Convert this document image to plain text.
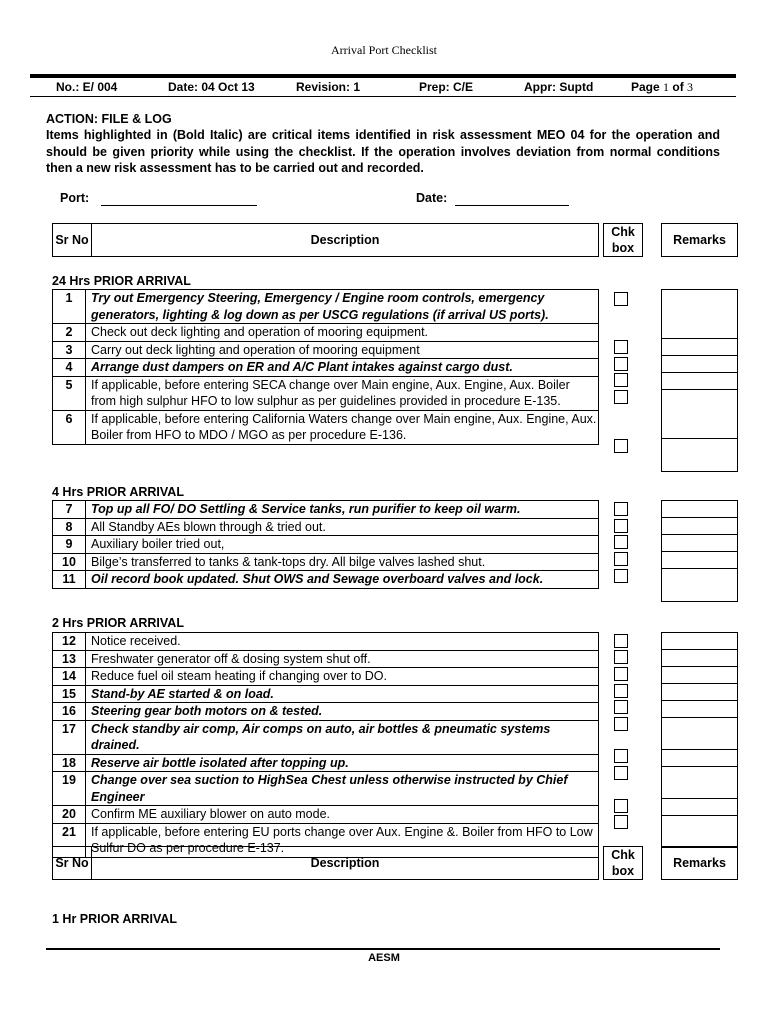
Arrival Port Checklist
No.: E/ 004	Date: 04 Oct 13	Revision: 1	Prep: C/E	Appr: Suptd	Page 1 of 3
ACTION: FILE & LOG
Items highlighted in (Bold Italic) are critical items identified in risk assessment MEO 04 for the operation and should be given priority while using the checklist. If the operation involves deviation from normal conditions then a new risk assessment has to be carried out and recorded.
Port:	Date:
Sr No	Description
Chk box
Remarks
24 Hrs PRIOR ARRIVAL
1	Try out Emergency Steering, Emergency / Engine room controls, emergency generators, lighting & log down as per USCG regulations (if arrival US ports).
2	Check out deck lighting and operation of mooring equipment.
3	Carry out deck lighting and operation of mooring equipment
4	Arrange dust dampers on ER and A/C Plant intakes against cargo dust.
5	If applicable, before entering SECA change over Main engine, Aux. Engine, Aux. Boiler from high sulphur HFO to low sulphur as per guidelines provided in procedure E-135.
6	If applicable, before entering California Waters change over Main engine, Aux. Engine, Aux. Boiler from HFO to MDO / MGO as per procedure E-136.
4 Hrs PRIOR ARRIVAL
7	Top up all FO/ DO Settling & Service tanks, run purifier to keep oil warm.
8	All Standby AEs blown through & tried out.
9	Auxiliary boiler tried out,
10	Bilge’s transferred to tanks & tank-tops dry. All bilge valves lashed shut.
11	Oil record book updated. Shut OWS and Sewage overboard valves and lock.
2 Hrs PRIOR ARRIVAL
12	Notice received.
13	Freshwater generator off & dosing system shut off.
14	Reduce fuel oil steam heating if changing over to DO.
15	Stand-by AE started & on load.
16	Steering gear both motors on & tested.
17	Check standby air comp, Air comps on auto, air bottles & pneumatic systems drained.
18	Reserve air bottle isolated after topping up.
19	Change over sea suction to HighSea Chest unless otherwise instructed by Chief Engineer
20	Confirm ME auxiliary blower on auto mode.
21	If applicable, before entering EU ports change over Aux. Engine &. Boiler from HFO to Low Sulfur DO as per procedure E-137.
Sr No	Description
Chk box
Remarks
1 Hr PRIOR ARRIVAL
AESM
